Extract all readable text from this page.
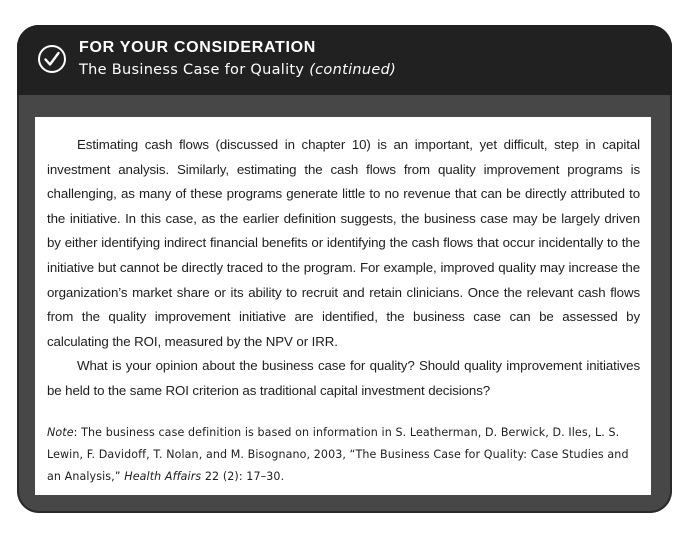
FOR YOUR CONSIDERATION
The Business Case for Quality (continued)

Estimating cash flows (discussed in chapter 10) is an important, yet difficult, step in capital investment analysis. Similarly, estimating the cash flows from quality improvement programs is challenging, as many of these programs generate little to no revenue that can be directly attributed to the initiative. In this case, as the earlier definition suggests, the business case may be largely driven by either identifying indirect financial benefits or identifying the cash flows that occur incidentally to the initiative but cannot be directly traced to the program. For example, improved quality may increase the organization’s market share or its ability to recruit and retain clinicians. Once the relevant cash flows from the quality improvement initiative are identified, the business case can be assessed by calculating the ROI, measured by the NPV or IRR.

What is your opinion about the business case for quality? Should quality improvement initiatives be held to the same ROI criterion as traditional capital investment decisions?

Note: The business case definition is based on information in S. Leatherman, D. Berwick, D. Iles, L. S. Lewin, F. Davidoff, T. Nolan, and M. Bisognano, 2003, “The Business Case for Quality: Case Studies and an Analysis,” Health Affairs 22 (2): 17–30.
